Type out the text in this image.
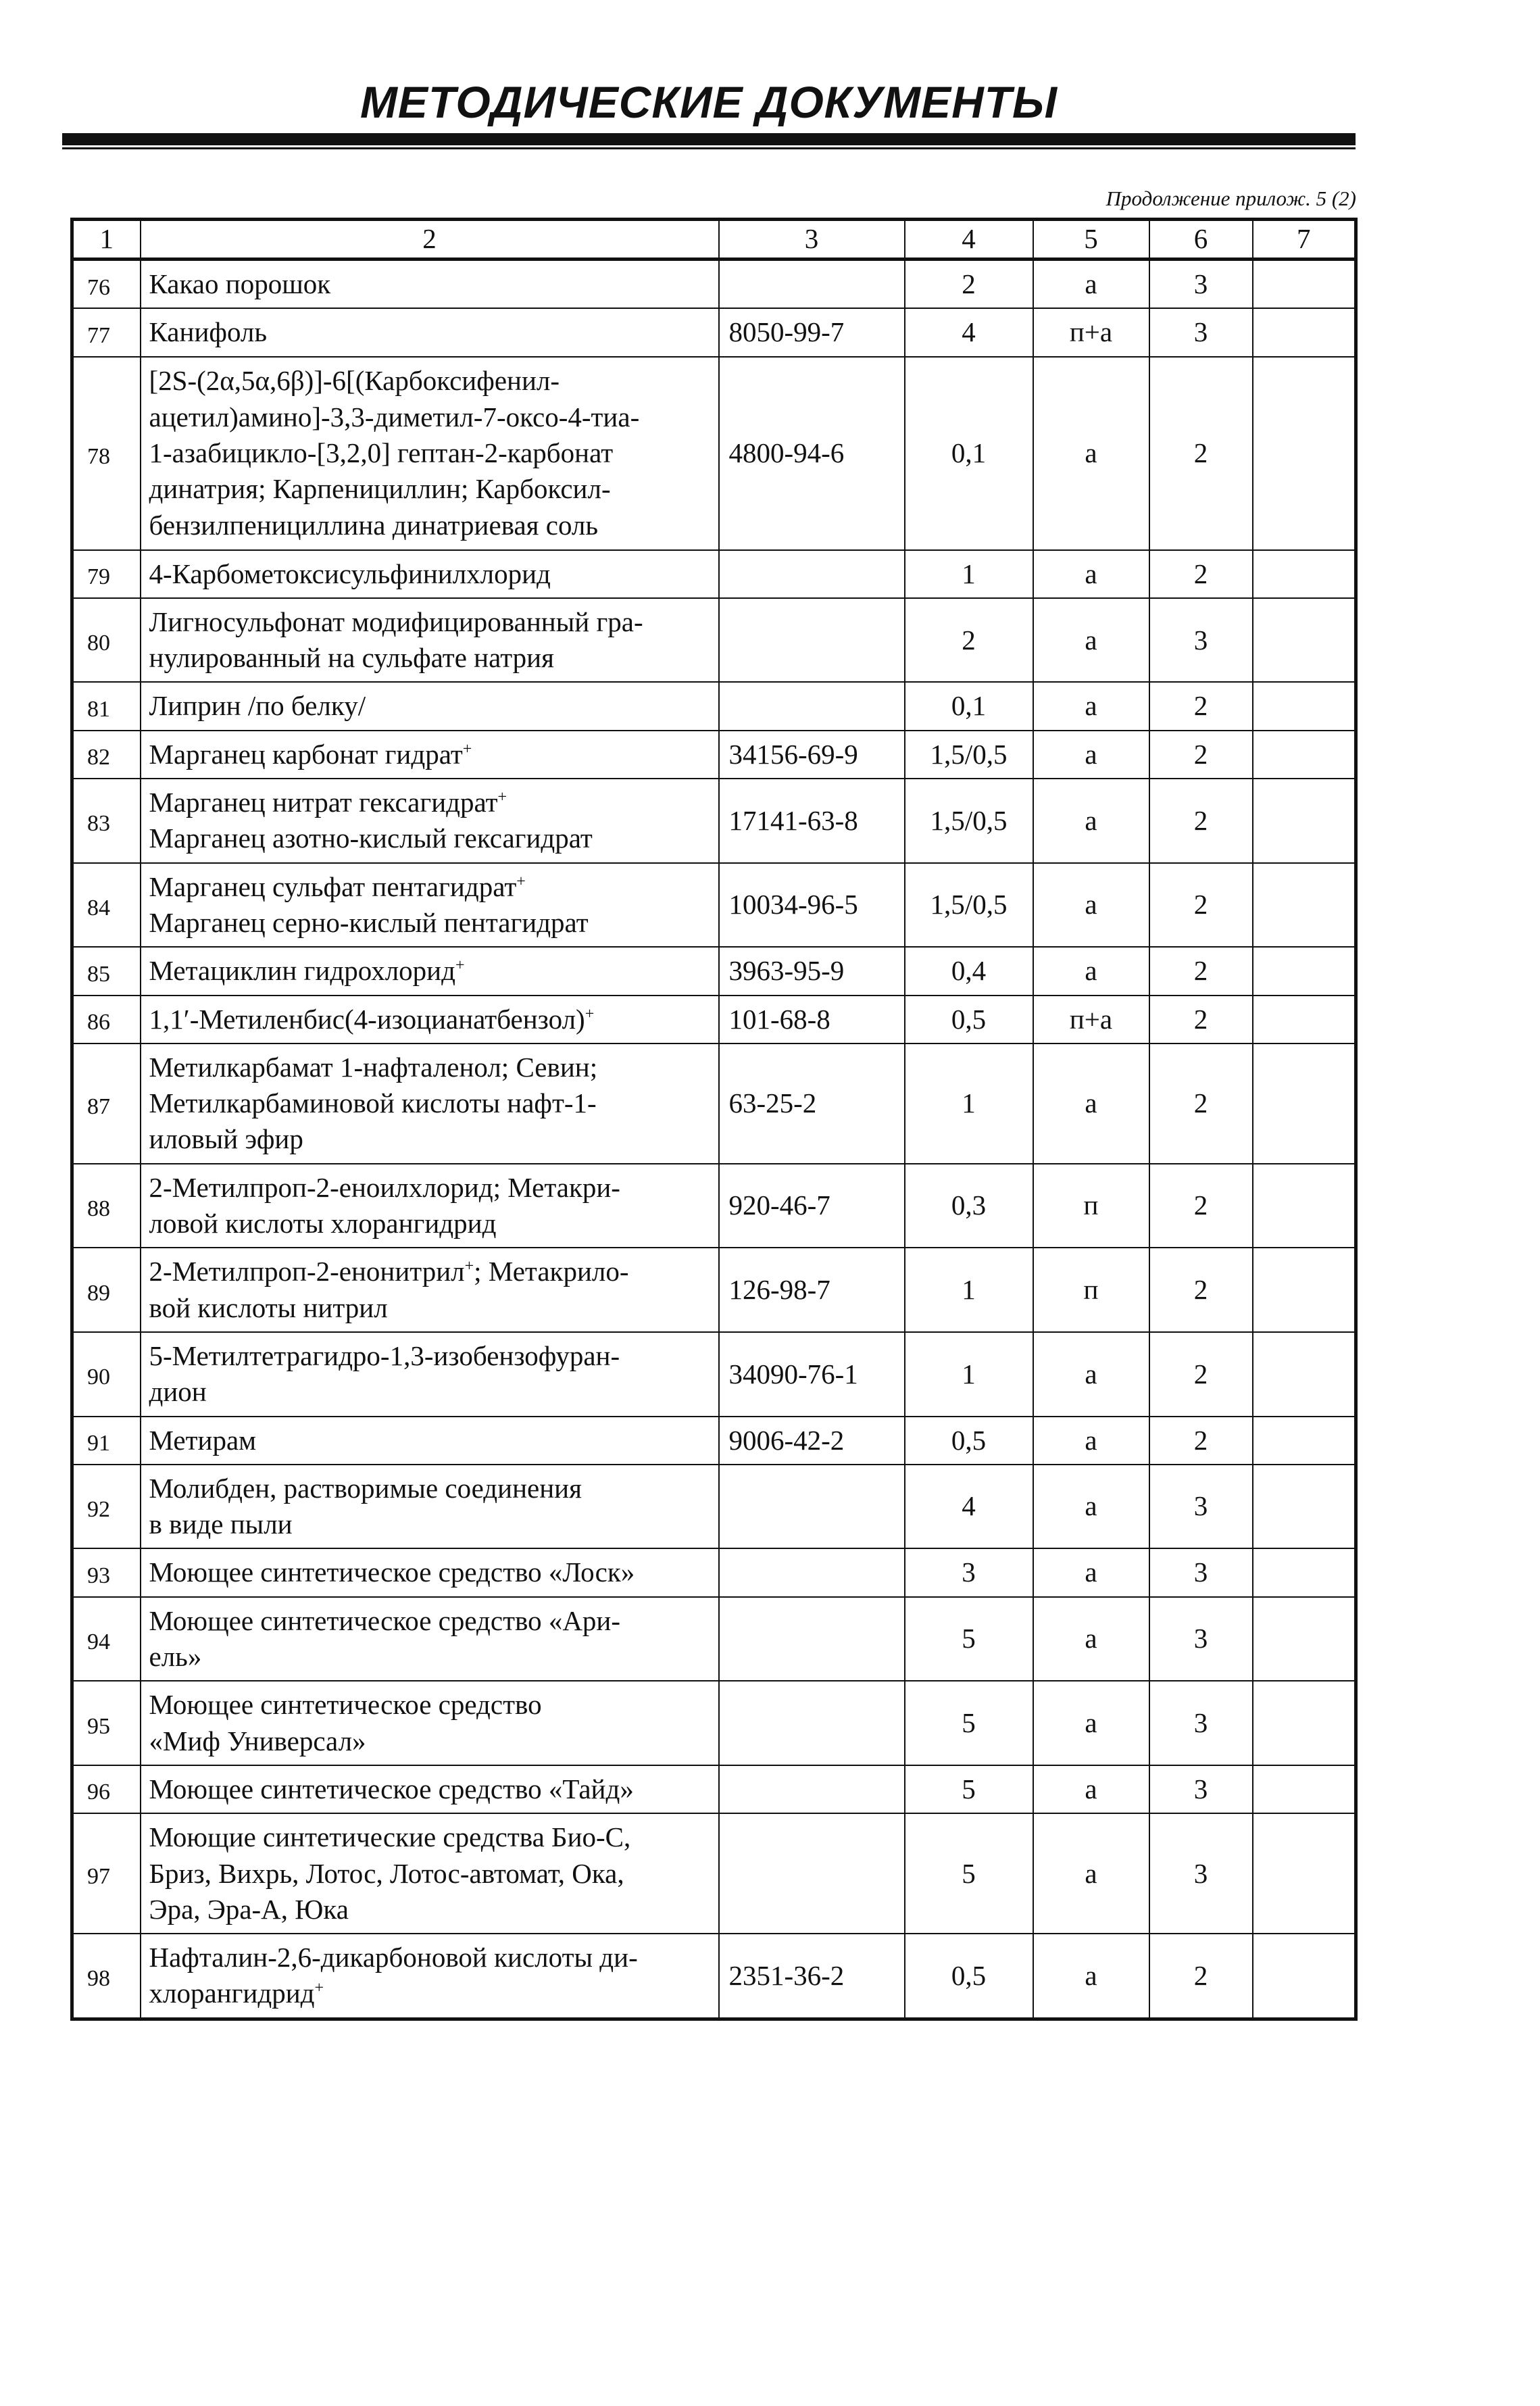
МЕТОДИЧЕСКИЕ ДОКУМЕНТЫ
Продолжение прилож. 5 (2)
1	2	3	4	5	6	7
76	Какао порошок		2	а	3	
77	Канифоль	8050-99-7	4	п+а	3	
78	[2S-(2α,5α,6β)]-6[(Карбоксифенил-
ацетил)амино]-3,3-диметил-7-оксо-4-тиа-
1-азабицикло-[3,2,0] гептан-2-карбонат
динатрия; Карпенициллин; Карбоксил-
бензилпенициллина динатриевая соль	4800-94-6	0,1	а	2	
79	4-Карбометоксисульфинилхлорид		1	а	2	
80	Лигносульфонат модифицированный гра-
нулированный на сульфате натрия		2	а	3	
81	Липрин /по белку/		0,1	а	2	
82	Марганец карбонат гидрат+	34156-69-9	1,5/0,5	а	2	
83	Марганец нитрат гексагидрат+
Марганец азотно-кислый гексагидрат	17141-63-8	1,5/0,5	а	2	
84	Марганец сульфат пентагидрат+
Марганец серно-кислый пентагидрат	10034-96-5	1,5/0,5	а	2	
85	Метациклин гидрохлорид+	3963-95-9	0,4	а	2	
86	1,1′-Метиленбис(4-изоцианатбензол)+	101-68-8	0,5	п+а	2	
87	Метилкарбамат 1-нафталенол; Севин;
Метилкарбаминовой кислоты нафт-1-
иловый эфир	63-25-2	1	а	2	
88	2-Метилпроп-2-еноилхлорид; Метакри-
ловой кислоты хлорангидрид	920-46-7	0,3	п	2	
89	2-Метилпроп-2-енонитрил+; Метакрило-
вой кислоты нитрил	126-98-7	1	п	2	
90	5-Метилтетрагидро-1,3-изобензофуран-
дион	34090-76-1	1	а	2	
91	Метирам	9006-42-2	0,5	а	2	
92	Молибден, растворимые соединения
в виде пыли		4	а	3	
93	Моющее синтетическое средство «Лоск»		3	а	3	
94	Моющее синтетическое средство «Ари-
ель»		5	а	3	
95	Моющее синтетическое средство
«Миф Универсал»		5	а	3	
96	Моющее синтетическое средство «Тайд»		5	а	3	
97	Моющие синтетические средства Био-С,
Бриз, Вихрь, Лотос, Лотос-автомат, Ока,
Эра, Эра-А, Юка		5	а	3	
98	Нафталин-2,6-дикарбоновой кислоты ди-
хлорангидрид+	2351-36-2	0,5	а	2	
